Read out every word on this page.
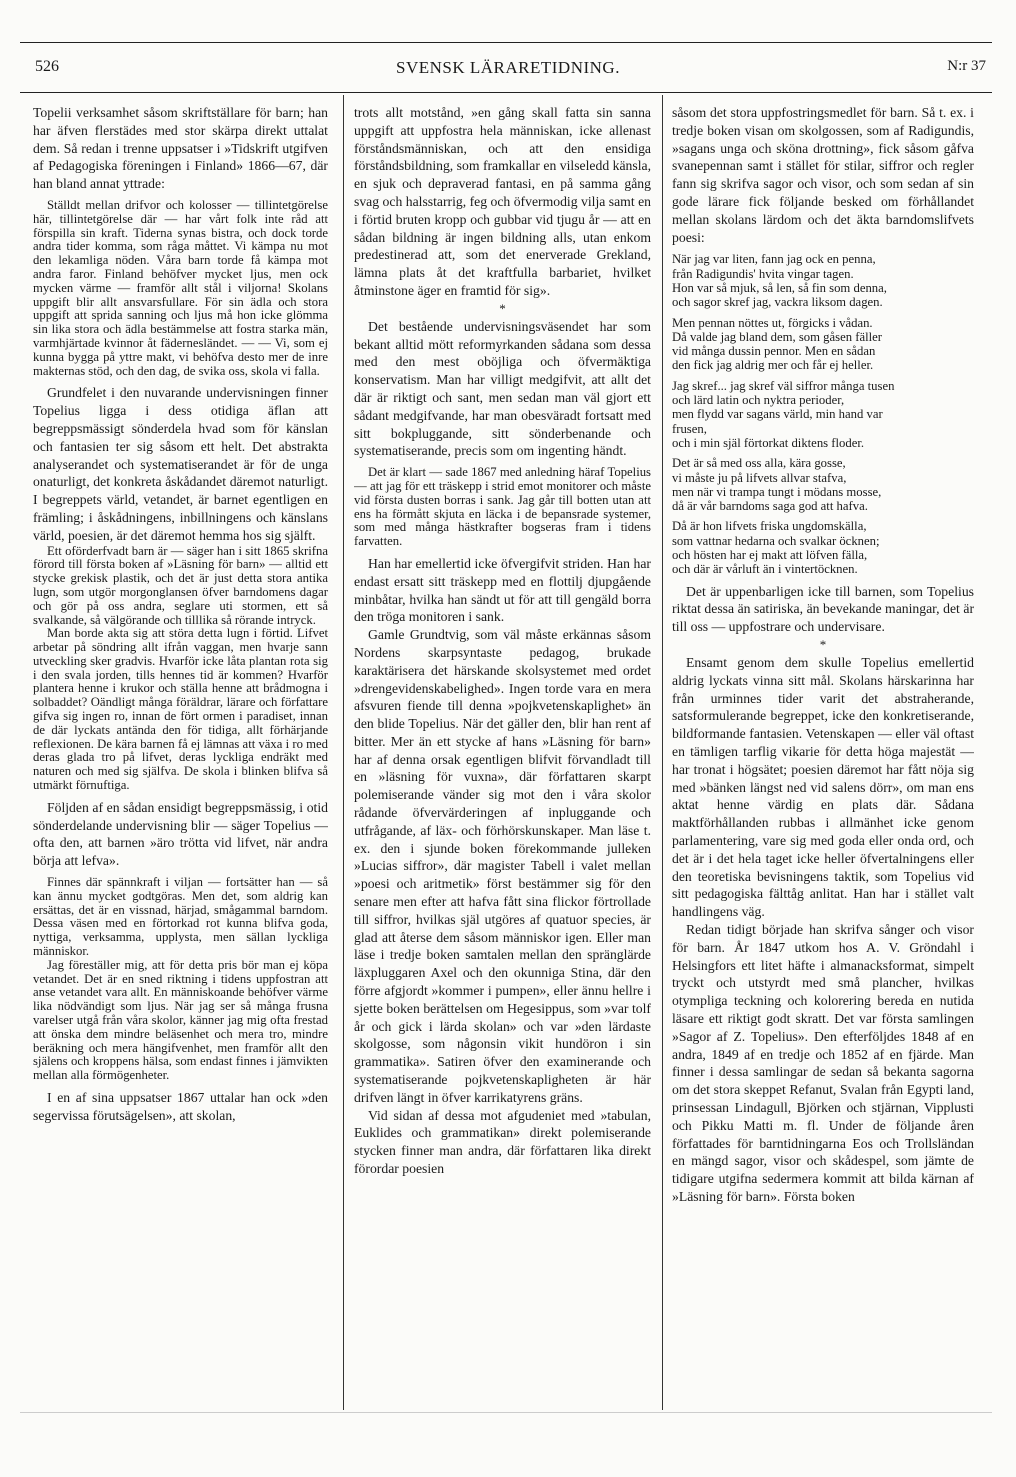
526	SVENSK LÄRARETIDNING.	N:r 37

Topelii verksamhet såsom skriftställare för barn; han har äfven flerstädes med stor skärpa direkt uttalat dem. Så redan i trenne uppsatser i »Tidskrift utgifven af Pedagogiska föreningen i Finland» 1866—67, där han bland annat yttrade:

Ställdt mellan drifvor och kolosser — tillintetgörelse här, tillintetgörelse där — har vårt folk inte råd att förspilla sin kraft. Tiderna synas bistra, och dock torde andra tider komma, som råga måttet. Vi kämpa nu mot den lekamliga nöden. Våra barn torde få kämpa mot andra faror. Finland behöfver mycket ljus, men ock mycken värme — framför allt stål i viljorna! Skolans uppgift blir allt ansvarsfullare. För sin ädla och stora uppgift att sprida sanning och ljus må hon icke glömma sin lika stora och ädla bestämmelse att fostra starka män, varmhjärtade kvinnor åt fädernesländet. — — Vi, som ej kunna bygga på yttre makt, vi behöfva desto mer de inre makternas stöd, och den dag, de svika oss, skola vi falla.

Grundfelet i den nuvarande undervisningen finner Topelius ligga i dess otidiga äflan att begreppsmässigt sönderdela hvad som för känslan och fantasien ter sig såsom ett helt. Det abstrakta analyserandet och systematiserandet är för de unga onaturligt, det konkreta åskådandet däremot naturligt. I begreppets värld, vetandet, är barnet egentligen en främling; i åskådningens, inbillningens och känslans värld, poesien, är det däremot hemma hos sig själft.

Ett oförderfvadt barn är — säger han i sitt 1865 skrifna förord till första boken af »Läsning för barn» — alltid ett stycke grekisk plastik, och det är just detta stora antika lugn, som utgör morgonglansen öfver barndomens dagar och gör på oss andra, seglare uti stormen, ett så svalkande, så välgörande och tilllika så rörande intryck.

Man borde akta sig att störa detta lugn i förtid. Lifvet arbetar på söndring allt ifrån vaggan, men hvarje sann utveckling sker gradvis. Hvarför icke låta plantan rota sig i den svala jorden, tills hennes tid är kommen? Hvarför plantera henne i krukor och ställa henne att brådmogna i solbaddet? Oändligt många föräldrar, lärare och författare gifva sig ingen ro, innan de fört ormen i paradiset, innan de där lyckats antända den för tidiga, allt förhärjande reflexionen. De kära barnen få ej lämnas att växa i ro med deras glada tro på lifvet, deras lyckliga endräkt med naturen och med sig själfva. De skola i blinken blifva så utmärkt förnuftiga.

Följden af en sådan ensidigt begreppsmässig, i otid sönderdelande undervisning blir — säger Topelius — ofta den, att barnen »äro trötta vid lifvet, när andra börja att lefva».

Finnes där spännkraft i viljan — fortsätter han — så kan ännu mycket godtgöras. Men det, som aldrig kan ersättas, det är en vissnad, härjad, smågammal barndom. Dessa väsen med en förtorkad rot kunna blifva goda, nyttiga, verksamma, upplysta, men sällan lyckliga människor.

Jag föreställer mig, att för detta pris bör man ej köpa vetandet. Det är en sned riktning i tidens uppfostran att anse vetandet vara allt. En människoande behöfver värme lika nödvändigt som ljus. När jag ser så många frusna varelser utgå från våra skolor, känner jag mig ofta frestad att önska dem mindre beläsenhet och mera tro, mindre beräkning och mera hängifvenhet, men framför allt den själens och kroppens hälsa, som endast finnes i jämvikten mellan alla förmögenheter.

I en af sina uppsatser 1867 uttalar han ock »den segervissa förutsägelsen», att skolan,

trots allt motstånd, »en gång skall fatta sin sanna uppgift att uppfostra hela människan, icke allenast förståndsmänniskan, och att den ensidiga förståndsbildning, som framkallar en vilseledd känsla, en sjuk och depraverad fantasi, en på samma gång svag och halsstarrig, feg och öfvermodig vilja samt en i förtid bruten kropp och gubbar vid tjugu år — att en sådan bildning är ingen bildning alls, utan enkom predestinerad att, som det enerverade Grekland, lämna plats åt det kraftfulla barbariet, hvilket åtminstone äger en framtid för sig».

*

Det bestående undervisningsväsendet har som bekant alltid mött reformyrkanden sådana som dessa med den mest oböjliga och öfvermäktiga konservatism. Man har villigt medgifvit, att allt det där är riktigt och sant, men sedan man väl gjort ett sådant medgifvande, har man obesväradt fortsatt med sitt bokpluggande, sitt sönderbenande och systematiserande, precis som om ingenting händt.

Det är klart — sade 1867 med anledning häraf Topelius — att jag för ett träskepp i strid emot monitorer och måste vid första dusten borras i sank. Jag går till botten utan att ens ha förmått skjuta en läcka i de bepansrade systemer, som med många hästkrafter bogseras fram i tidens farvatten.

Han har emellertid icke öfvergifvit striden. Han har endast ersatt sitt träskepp med en flottilj djupgående minbåtar, hvilka han sändt ut för att till gengäld borra den tröga monitoren i sank.

Gamle Grundtvig, som väl måste erkännas såsom Nordens skarpsyntaste pedagog, brukade karaktärisera det härskande skolsystemet med ordet »drengevidenskabelighed». Ingen torde vara en mera afsvuren fiende till denna »pojkvetenskaplighet» än den blide Topelius. När det gäller den, blir han rent af bitter. Mer än ett stycke af hans »Läsning för barn» har af denna orsak egentligen blifvit förvandladt till en »läsning för vuxna», där författaren skarpt polemiserande vänder sig mot den i våra skolor rådande öfvervärderingen af inpluggande och utfrågande, af läx- och förhörskunskaper. Man läse t. ex. den i sjunde boken förekommande julleken »Lucias siffror», där magister Tabell i valet mellan »poesi och aritmetik» först bestämmer sig för den senare men efter att hafva fått sina flickor förtrollade till siffror, hvilkas själ utgöres af quatuor species, är glad att återse dem såsom människor igen. Eller man läse i tredje boken samtalen mellan den spränglärde läxpluggaren Axel och den okunniga Stina, där den förre afgjordt »kommer i pumpen», eller ännu hellre i sjette boken berättelsen om Hegesippus, som »var tolf år och gick i lärda skolan» och var »den lärdaste skolgosse, som någonsin vikit hundöron i sin grammatika». Satiren öfver den examinerande och systematiserande pojkvetenskapligheten är här drifven längt in öfver karrikatyrens gräns.

Vid sidan af dessa mot afgudeniet med »tabulan, Euklides och grammatikan» direkt polemiserande stycken finner man andra, där författaren lika direkt förordar poesien

såsom det stora uppfostringsmedlet för barn. Så t. ex. i tredje boken visan om skolgossen, som af Radigundis, »sagans unga och sköna drottning», fick såsom gåfva svanepennan samt i stället för stilar, siffror och regler fann sig skrifva sagor och visor, och som sedan af sin gode lärare fick följande besked om förhållandet mellan skolans lärdom och det äkta barndomslifvets poesi:

När jag var liten, fann jag ock en penna,
från Radigundis' hvita vingar tagen.
Hon var så mjuk, så len, så fin som denna,
och sagor skref jag, vackra liksom dagen.

Men pennan nöttes ut, förgicks i vådan.
Då valde jag bland dem, som gåsen fäller
vid många dussin pennor. Men en sådan
den fick jag aldrig mer och får ej heller.

Jag skref... jag skref väl siffror många tusen
och lärd latin och nyktra perioder,
men flydd var sagans värld, min hand var
frusen,
och i min själ förtorkat diktens floder.

Det är så med oss alla, kära gosse,
vi måste ju på lifvets allvar stafva,
men när vi trampa tungt i mödans mosse,
då är vår barndoms saga god att hafva.

Då är hon lifvets friska ungdomskälla,
som vattnar hedarna och svalkar öcknen;
och hösten har ej makt att löfven fälla,
och där är vårluft än i vintertöcknen.

Det är uppenbarligen icke till barnen, som Topelius riktat dessa än satiriska, än bevekande maningar, det är till oss — uppfostrare och undervisare.

*

Ensamt genom dem skulle Topelius emellertid aldrig lyckats vinna sitt mål. Skolans härskarinna har från urminnes tider varit det abstraherande, satsformulerande begreppet, icke den konkretiserande, bildformande fantasien. Vetenskapen — eller väl oftast en tämligen tarflig vikarie för detta höga majestät — har tronat i högsätet; poesien däremot har fått nöja sig med »bänken längst ned vid salens dörr», om man ens aktat henne värdig en plats där. Sådana maktförhållanden rubbas i allmänhet icke genom parlamentering, vare sig med goda eller onda ord, och det är i det hela taget icke heller öfvertalningens eller den teoretiska bevisningens taktik, som Topelius vid sitt pedagogiska fälttåg anlitat. Han har i stället valt handlingens väg.

Redan tidigt började han skrifva sånger och visor för barn. År 1847 utkom hos A. V. Gröndahl i Helsingfors ett litet häfte i almanacksformat, simpelt tryckt och utstyrdt med små plancher, hvilkas otympliga teckning och kolorering bereda en nutida läsare ett riktigt godt skratt. Det var första samlingen »Sagor af Z. Topelius». Den efterföljdes 1848 af en andra, 1849 af en tredje och 1852 af en fjärde. Man finner i dessa samlingar de sedan så bekanta sagorna om det stora skeppet Refanut, Svalan från Egypti land, prinsessan Lindagull, Björken och stjärnan, Vipplusti och Pikku Matti m. fl. Under de följande åren författades för barntidningarna Eos och Trollsländan en mängd sagor, visor och skådespel, som jämte de tidigare utgifna sedermera kommit att bilda kärnan af »Läsning för barn». Första boken
